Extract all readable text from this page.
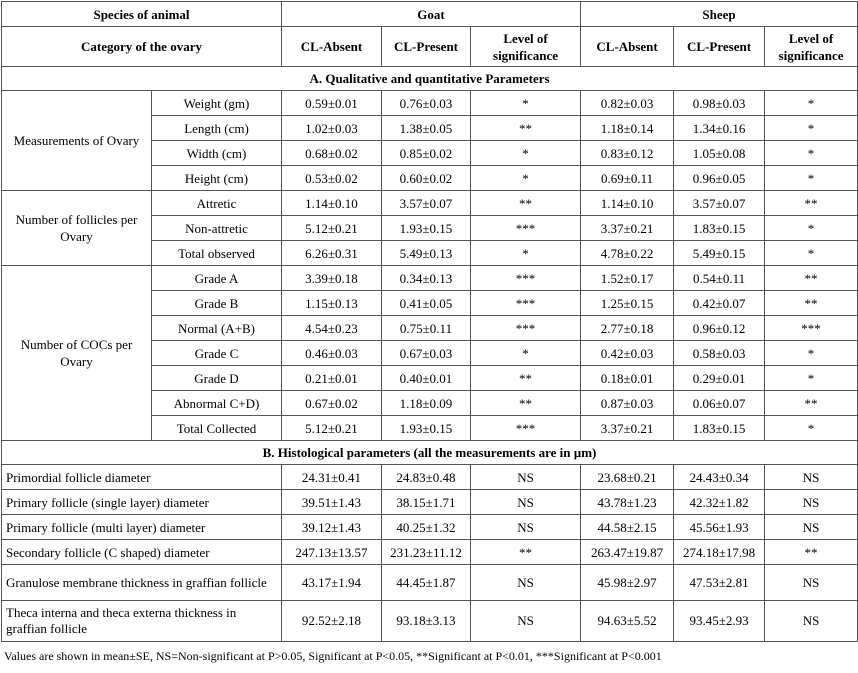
Species of animal		Goat			Sheep		
Category of the ovary		CL-Absent	CL-Present	Level of significance	CL-Absent	CL-Present	Level of significance
A. Qualitative and quantitative Parameters							
Measurements of Ovary	Weight (gm)	0.59±0.01	0.76±0.03	*	0.82±0.03	0.98±0.03	*
	Length (cm)	1.02±0.03	1.38±0.05	**	1.18±0.14	1.34±0.16	*
	Width (cm)	0.68±0.02	0.85±0.02	*	0.83±0.12	1.05±0.08	*
	Height (cm)	0.53±0.02	0.60±0.02	*	0.69±0.11	0.96±0.05	*
Number of follicles per Ovary	Attretic	1.14±0.10	3.57±0.07	**	1.14±0.10	3.57±0.07	**
	Non-attretic	5.12±0.21	1.93±0.15	***	3.37±0.21	1.83±0.15	*
	Total observed	6.26±0.31	5.49±0.13	*	4.78±0.22	5.49±0.15	*
Number of COCs per Ovary	Grade A	3.39±0.18	0.34±0.13	***	1.52±0.17	0.54±0.11	**
	Grade B	1.15±0.13	0.41±0.05	***	1.25±0.15	0.42±0.07	**
	Normal (A+B)	4.54±0.23	0.75±0.11	***	2.77±0.18	0.96±0.12	***
	Grade C	0.46±0.03	0.67±0.03	*	0.42±0.03	0.58±0.03	*
	Grade D	0.21±0.01	0.40±0.01	**	0.18±0.01	0.29±0.01	*
	Abnormal C+D)	0.67±0.02	1.18±0.09	**	0.87±0.03	0.06±0.07	**
	Total Collected	5.12±0.21	1.93±0.15	***	3.37±0.21	1.83±0.15	*
B. Histological parameters (all the measurements are in µm)							
Primordial follicle diameter		24.31±0.41	24.83±0.48	NS	23.68±0.21	24.43±0.34	NS
Primary follicle (single layer) diameter		39.51±1.43	38.15±1.71	NS	43.78±1.23	42.32±1.82	NS
Primary follicle (multi layer) diameter		39.12±1.43	40.25±1.32	NS	44.58±2.15	45.56±1.93	NS
Secondary follicle (C shaped) diameter		247.13±13.57	231.23±11.12	**	263.47±19.87	274.18±17.98	**
Granulose membrane thickness in graffian follicle		43.17±1.94	44.45±1.87	NS	45.98±2.97	47.53±2.81	NS
Theca interna and theca externa thickness in graffian follicle		92.52±2.18	93.18±3.13	NS	94.63±5.52	93.45±2.93	NS
Values are shown in mean±SE, NS=Non-significant at P>0.05, Significant at P<0.05, **Significant at P<0.01, ***Significant at P<0.001
